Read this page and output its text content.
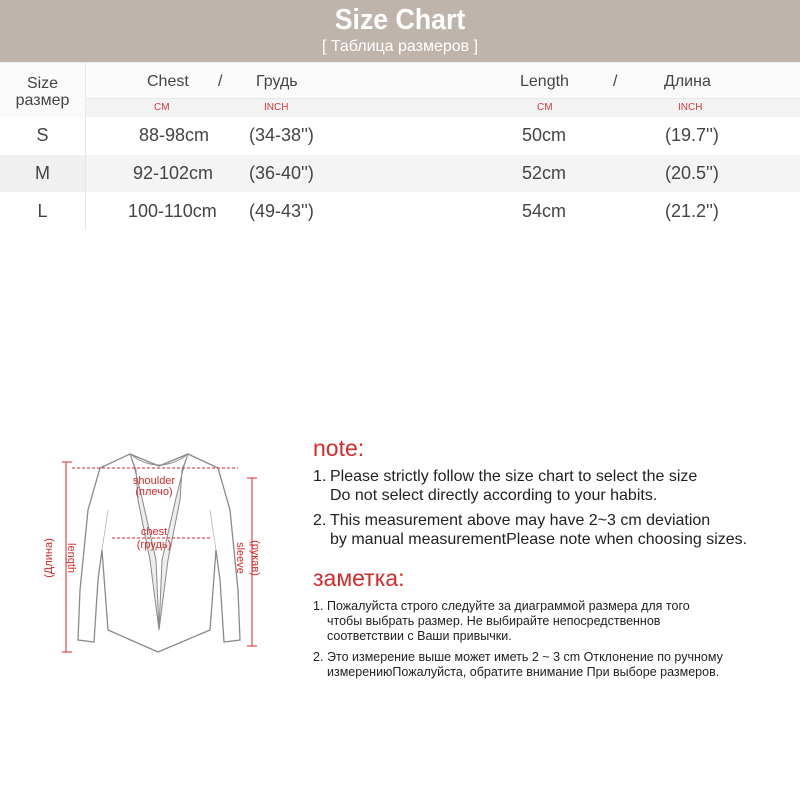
Size Chart
[ Таблица размеров ]
Size
размер
Chest / Грудь	Length	/	Длина
CM	INCH	CM	INCH
S	88-98cm (34-38'')	50cm	(19.7'')
M	92-102cm (36-40'')	52cm	(20.5'')
L	100-110cm (49-43'')	54cm	(21.2'')
shoulder
(плечо)
chest
(грудь)
(Длина) length	sleeve (рукав)
note:
1. Please strictly follow the size chart to select the size
Do not select directly according to your habits.
2. This measurement above may have 2~3 cm deviation
by manual measurementPlease note when choosing sizes.
заметка:
1. Пожалуйста строго следуйте за диаграммой размера для того
чтобы выбрать размер. Не выбирайте непосредственнов
соответствии с Ваши привычки.
2. Это измерение выше может иметь 2 ~ 3 cm Отклонение по ручному
измерениюПожалуйста, обратите внимание При выборе размеров.
